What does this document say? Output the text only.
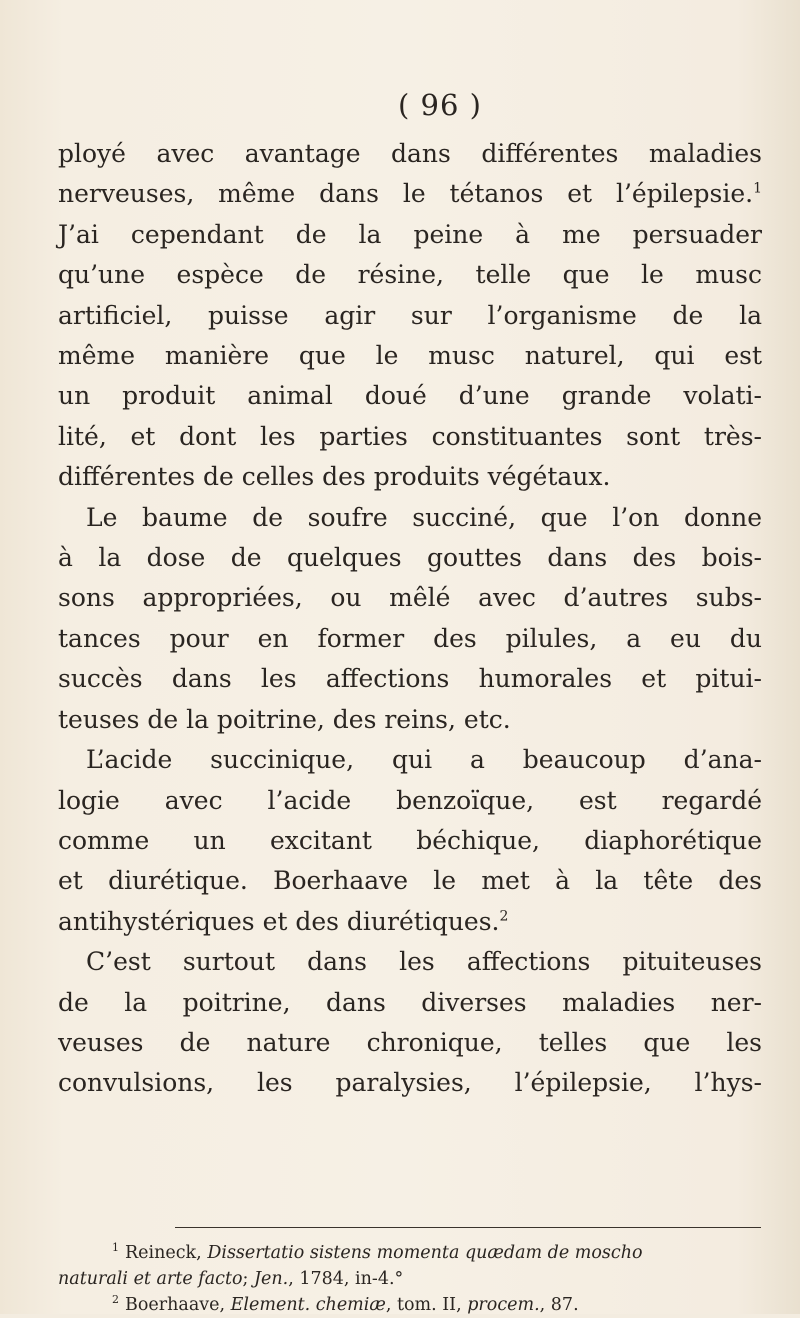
( 96 )
ployé avec avantage dans différentes maladies
nerveuses, même dans le tétanos et l’épilepsie.$^1$
J’ai cependant de la peine à me persuader
qu’une espèce de résine, telle que le musc
artificiel, puisse agir sur l’organisme de la
même manière que le musc naturel, qui est
un produit animal doué d’une grande volati-
lité, et dont les parties constituantes sont très-
différentes de celles des produits végétaux.
Le baume de soufre succiné, que l’on donne
à la dose de quelques gouttes dans des bois-
sons appropriées, ou mêlé avec d’autres subs-
tances pour en former des pilules, a eu du
succès dans les affections humorales et pitui-
teuses de la poitrine, des reins, etc.
L’acide succinique, qui a beaucoup d’ana-
logie avec l’acide benzoïque, est regardé
comme un excitant béchique, diaphorétique
et diurétique. Boerhaave le met à la tête des
antihystériques et des diurétiques.$^2$
C’est surtout dans les affections pituiteuses
de la poitrine, dans diverses maladies ner-
veuses de nature chronique, telles que les
convulsions, les paralysies, l’épilepsie, l’hys-
$^1$ Reineck, Dissertatio sistens momenta quædam de moscho
naturali et arte facto; Jen., 1784, in-4.°
$^2$ Boerhaave, Element. chemiæ, tom. II, procem., 87.
